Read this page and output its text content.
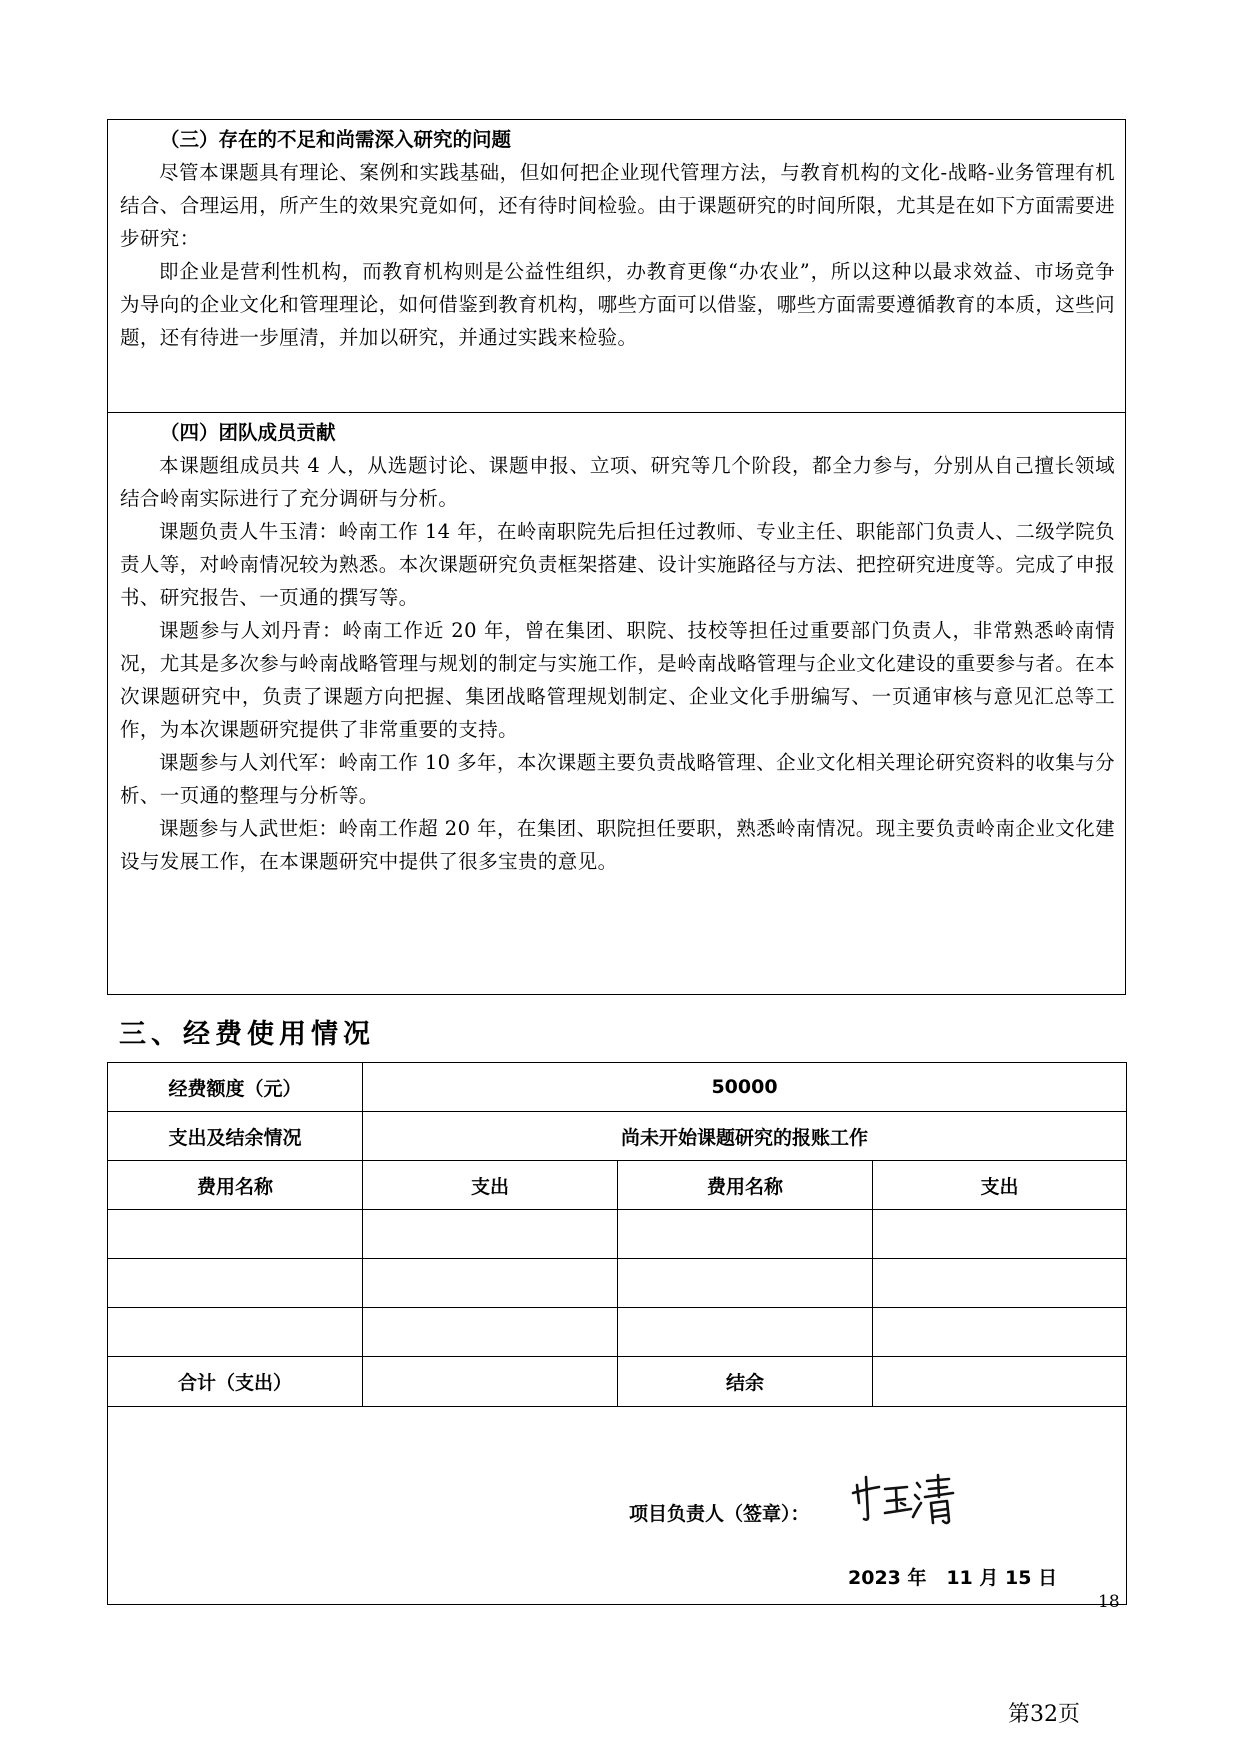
（三）存在的不足和尚需深入研究的问题

尽管本课题具有理论、案例和实践基础，但如何把企业现代管理方法，与教育机构的文化-战略-业务管理有机结合、合理运用，所产生的效果究竟如何，还有待时间检验。由于课题研究的时间所限，尤其是在如下方面需要进步研究：

即企业是营利性机构，而教育机构则是公益性组织，办教育更像“办农业”，所以这种以最求效益、市场竞争为导向的企业文化和管理理论，如何借鉴到教育机构，哪些方面可以借鉴，哪些方面需要遵循教育的本质，这些问题，还有待进一步厘清，并加以研究，并通过实践来检验。

（四）团队成员贡献

本课题组成员共 4 人，从选题讨论、课题申报、立项、研究等几个阶段，都全力参与，分别从自己擅长领域结合岭南实际进行了充分调研与分析。

课题负责人牛玉清：岭南工作 14 年，在岭南职院先后担任过教师、专业主任、职能部门负责人、二级学院负责人等，对岭南情况较为熟悉。本次课题研究负责框架搭建、设计实施路径与方法、把控研究进度等。完成了申报书、研究报告、一页通的撰写等。

课题参与人刘丹青：岭南工作近 20 年，曾在集团、职院、技校等担任过重要部门负责人，非常熟悉岭南情况，尤其是多次参与岭南战略管理与规划的制定与实施工作，是岭南战略管理与企业文化建设的重要参与者。在本次课题研究中，负责了课题方向把握、集团战略管理规划制定、企业文化手册编写、一页通审核与意见汇总等工作，为本次课题研究提供了非常重要的支持。

课题参与人刘代军：岭南工作 10 多年，本次课题主要负责战略管理、企业文化相关理论研究资料的收集与分析、一页通的整理与分析等。

课题参与人武世炬：岭南工作超 20 年，在集团、职院担任要职，熟悉岭南情况。现主要负责岭南企业文化建设与发展工作，在本课题研究中提供了很多宝贵的意见。

三、经费使用情况
经费额度（元）	50000		
支出及结余情况	尚未开始课题研究的报账工作		
费用名称	支出	费用名称	支出

合计（支出）		结余	

项目负责人（签章）：
2023 年   11 月 15 日			
18
第32页
